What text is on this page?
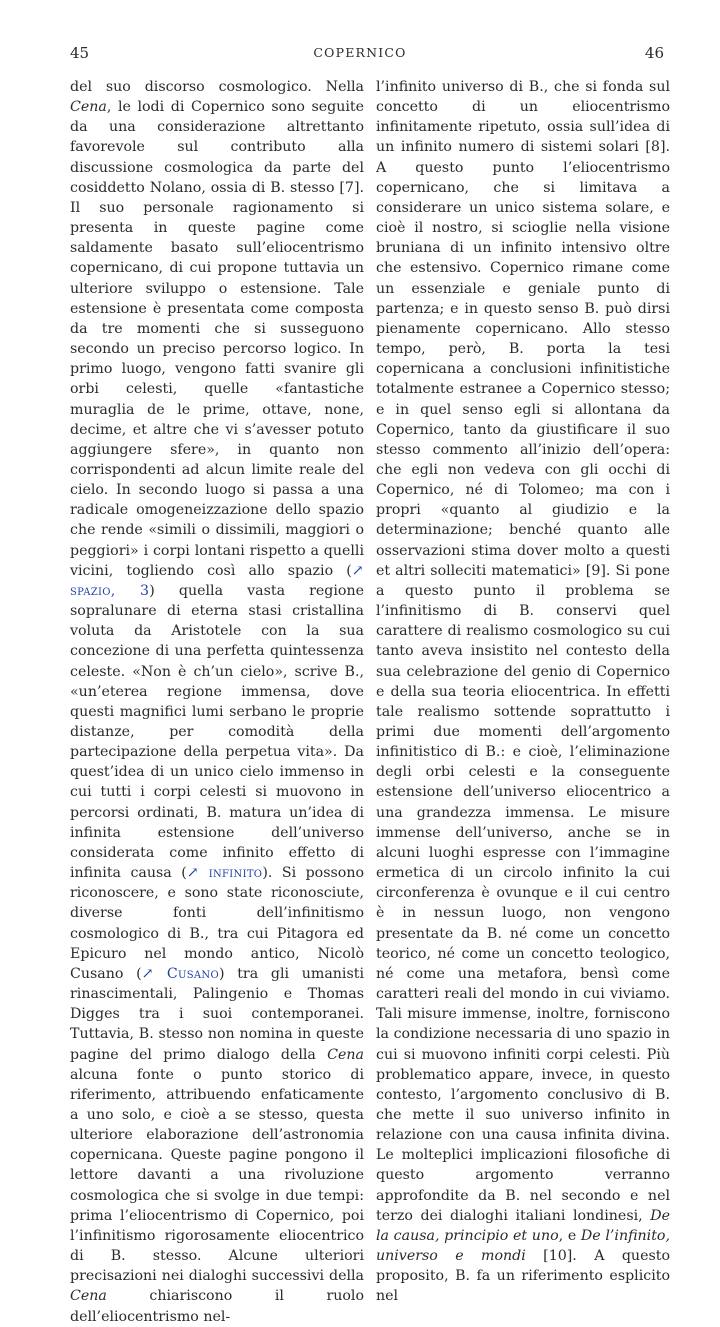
45	COPERNICO	46

del suo discorso cosmologico. Nella Cena, le lodi di Copernico sono seguite da una considerazione altrettanto favorevole sul contributo alla discussione cosmologica da parte del cosiddetto Nolano, ossia di B. stesso [7]. Il suo personale ragionamento si presenta in queste pagine come saldamente basato sull’eliocentrismo copernicano, di cui propone tuttavia un ulteriore sviluppo o estensione. Tale estensione è presentata come composta da tre momenti che si susseguono secondo un preciso percorso logico. In primo luogo, vengono fatti svanire gli orbi celesti, quelle «fantastiche muraglia de le prime, ottave, none, decime, et altre che vi s’avesser potuto aggiungere sfere», in quanto non corrispondenti ad alcun limite reale del cielo. In secondo luogo si passa a una radicale omogeneizzazione dello spazio che rende «simili o dissimili, maggiori o peggiori» i corpi lontani rispetto a quelli vicini, togliendo così allo spazio (↗ spazio, 3) quella vasta regione sopralunare di eterna stasi cristallina voluta da Aristotele con la sua concezione di una perfetta quintessenza celeste. «Non è ch’un cielo», scrive B., «un’eterea regione immensa, dove questi magnifici lumi serbano le proprie distanze, per comodità della partecipazione della perpetua vita». Da quest’idea di un unico cielo immenso in cui tutti i corpi celesti si muovono in percorsi ordinati, B. matura un’idea di infinita estensione dell’universo considerata come infinito effetto di infinita causa (↗ infinito). Si possono riconoscere, e sono state riconosciute, diverse fonti dell’infinitismo cosmologico di B., tra cui Pitagora ed Epicuro nel mondo antico, Nicolò Cusano (↗ Cusano) tra gli umanisti rinascimentali, Palingenio e Thomas Digges tra i suoi contemporanei. Tuttavia, B. stesso non nomina in queste pagine del primo dialogo della Cena alcuna fonte o punto storico di riferimento, attribuendo enfaticamente a uno solo, e cioè a se stesso, questa ulteriore elaborazione dell’astronomia copernicana. Queste pagine pongono il lettore davanti a una rivoluzione cosmologica che si svolge in due tempi: prima l’eliocentrismo di Copernico, poi l’infinitismo rigorosamente eliocentrico di B. stesso. Alcune ulteriori precisazioni nei dialoghi successivi della Cena chiariscono il ruolo dell’eliocentrismo nel-

l’infinito universo di B., che si fonda sul concetto di un eliocentrismo infinitamente ripetuto, ossia sull’idea di un infinito numero di sistemi solari [8]. A questo punto l’eliocentrismo copernicano, che si limitava a considerare un unico sistema solare, e cioè il nostro, si scioglie nella visione bruniana di un infinito intensivo oltre che estensivo. Copernico rimane come un essenziale e geniale punto di partenza; e in questo senso B. può dirsi pienamente copernicano. Allo stesso tempo, però, B. porta la tesi copernicana a conclusioni infinitistiche totalmente estranee a Copernico stesso; e in quel senso egli si allontana da Copernico, tanto da giustificare il suo stesso commento all’inizio dell’opera: che egli non vedeva con gli occhi di Copernico, né di Tolomeo; ma con i propri «quanto al giudizio e la determinazione; benché quanto alle osservazioni stima dover molto a questi et altri solleciti matematici» [9]. Si pone a questo punto il problema se l’infinitismo di B. conservi quel carattere di realismo cosmologico su cui tanto aveva insistito nel contesto della sua celebrazione del genio di Copernico e della sua teoria eliocentrica. In effetti tale realismo sottende soprattutto i primi due momenti dell’argomento infinitistico di B.: e cioè, l’eliminazione degli orbi celesti e la conseguente estensione dell’universo eliocentrico a una grandezza immensa. Le misure immense dell’universo, anche se in alcuni luoghi espresse con l’immagine ermetica di un circolo infinito la cui circonferenza è ovunque e il cui centro è in nessun luogo, non vengono presentate da B. né come un concetto teorico, né come un concetto teologico, né come una metafora, bensì come caratteri reali del mondo in cui viviamo. Tali misure immense, inoltre, forniscono la condizione necessaria di uno spazio in cui si muovono infiniti corpi celesti. Più problematico appare, invece, in questo contesto, l’argomento conclusivo di B. che mette il suo universo infinito in relazione con una causa infinita divina. Le molteplici implicazioni filosofiche di questo argomento verranno approfondite da B. nel secondo e nel terzo dei dialoghi italiani londinesi, De la causa, principio et uno, e De l’infinito, universo e mondi [10]. A questo proposito, B. fa un riferimento esplicito nel
